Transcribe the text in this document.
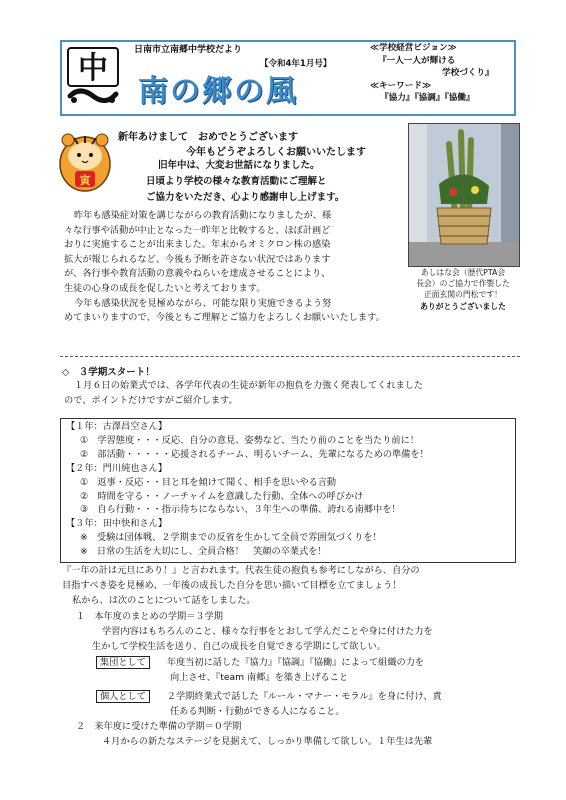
中
日南市立南郷中学校だより
【令和4年1月号】
南の郷の風
≪学校経営ビジョン≫
『一人一人が輝ける
学校づくり』
≪キーワード≫
『協力』『協調』『協働』
寅
新年あけまして　おめでとうございます
今年もどうぞよろしくお願いいたします
旧年中は、大変お世話になりました。
日頃より学校の様々な教育活動にご理解と
ご協力をいただき、心より感謝申し上げます。
昨年も感染症対策を講じながらの教育活動になりましたが、様
々な行事や活動が中止となった一昨年と比較すると、ほぼ計画ど
おりに実施することが出来ました。年末からオミクロン株の感染
拡大が報じられるなど、今後も予断を許さない状況ではあります
が、各行事や教育活動の意義やねらいを達成させることにより、
生徒の心身の成長を促したいと考えております。
今年も感染状況を見極めながら、可能な限り実施できるよう努
めてまいりますので、今後ともご理解とご協力をよろしくお願いいたします。
あしはな会（歴代PTA会
長会）のご協力で作製した
正面玄関の門松です！
ありがとうございました
◇　３学期スタート！
１月６日の始業式では、各学年代表の生徒が新年の抱負を力強く発表してくれました
ので、ポイントだけですがご紹介します。
【１年：古澤昌空さん】
①　学習態度・・・反応、自分の意見、姿勢など、当たり前のことを当たり前に！
②　部活動・・・・・応援されるチーム、明るいチーム、先輩になるための準備を！
【２年：門川純也さん】
①　返事・反応・・目と耳を傾けて聞く、相手を思いやる言動
②　時間を守る・・ノーチャイムを意識した行動、全体への呼びかけ
③　自ら行動・・・指示待ちにならない、３年生への準備、誇れる南郷中を！
【３年：田中快和さん】
※　受験は団体戦、２学期までの反省を生かして全員で雰囲気づくりを！
※　日常の生活を大切にし、全員合格！　笑顔の卒業式を！
『一年の計は元旦にあり！』と言われます。代表生徒の抱負も参考にしながら、自分の
目指すべき姿を見極め、一年後の成長した自分を思い描いて目標を立てましょう！
私から、は次のことについて話をしました。
１　本年度のまとめの学期＝３学期
学習内容はもちろんのこと、様々な行事をとおして学んだことや身に付けた力を
生かして学校生活を送り、自己の成長を自覚できる学期にして欲しい。
集団として 年度当初に話した『協力』『協調』『協働』によって組織の力を
向上させ、『team 南郷』を築き上げること
個人として ２学期終業式で話した『ルール・マナー・モラル』を身に付け、責
任ある判断・行動ができる人になること。
２　来年度に受けた準備の学期＝０学期
４月からの新たなステージを見据えて、しっかり準備して欲しい。１年生は先輩
